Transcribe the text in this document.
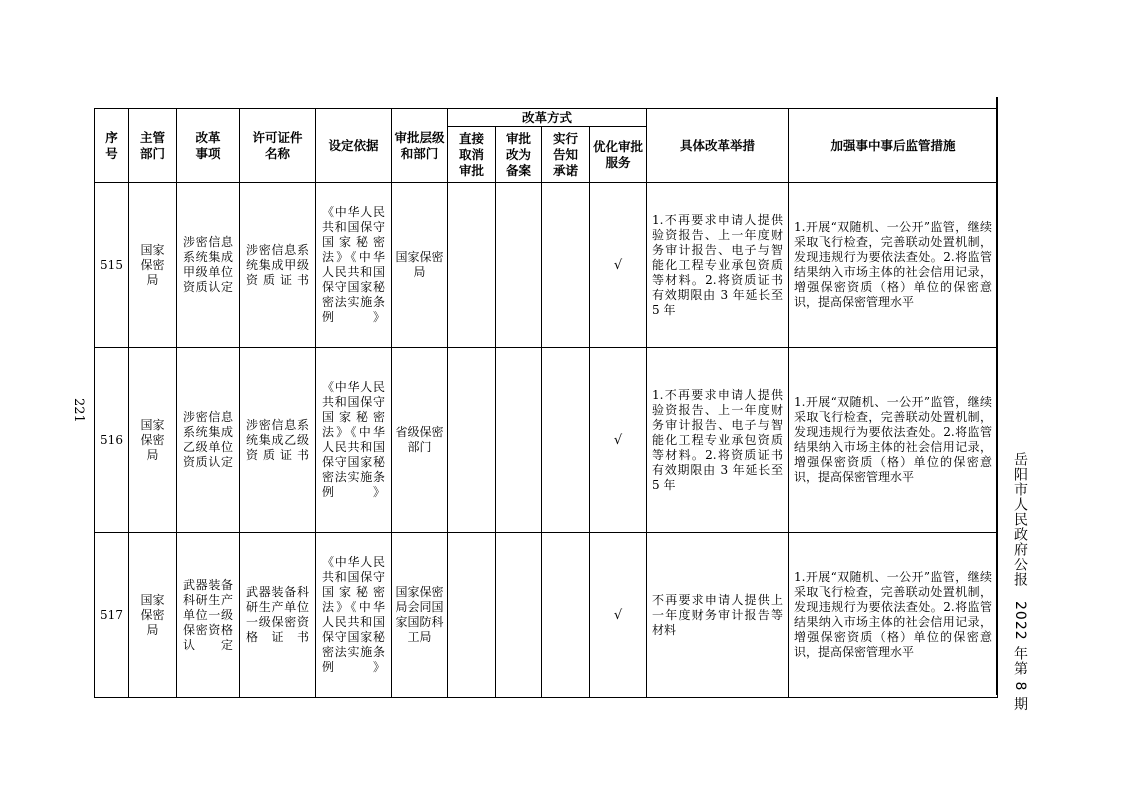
221
岳阳市人民政府公报2022 年第 8 期
序号	主管部门	改革事项	许可证件名称	设定依据	审批层级和部门	改革方式				具体改革举措	加强事中事后监管措施
						直接取消审批	审批改为备案	实行告知承诺	优化审批服务		
515	国家保密局	涉密信息系统集成甲级单位资质认定	涉密信息系统集成甲级资质证书	《中华人民共和国保守国家秘密法》《中华人民共和国保守国家秘密法实施条例》	国家保密局				√	1.不再要求申请人提供验资报告、上一年度财务审计报告、电子与智能化工程专业承包资质等材料。2.将资质证书有效期限由 3 年延长至 5 年	1.开展“双随机、一公开”监管，继续采取飞行检查，完善联动处置机制，发现违规行为要依法查处。2.将监管结果纳入市场主体的社会信用记录，增强保密资质（格）单位的保密意识，提高保密管理水平
516	国家保密局	涉密信息系统集成乙级单位资质认定	涉密信息系统集成乙级资质证书	《中华人民共和国保守国家秘密法》《中华人民共和国保守国家秘密法实施条例》	省级保密部门				√	1.不再要求申请人提供验资报告、上一年度财务审计报告、电子与智能化工程专业承包资质等材料。2.将资质证书有效期限由 3 年延长至 5 年	1.开展“双随机、一公开”监管，继续采取飞行检查，完善联动处置机制，发现违规行为要依法查处。2.将监管结果纳入市场主体的社会信用记录，增强保密资质（格）单位的保密意识，提高保密管理水平
517	国家保密局	武器装备科研生产单位一级保密资格认定	武器装备科研生产单位一级保密资格证书	《中华人民共和国保守国家秘密法》《中华人民共和国保守国家秘密法实施条例》	国家保密局会同国家国防科工局				√	不再要求申请人提供上一年度财务审计报告等材料	1.开展“双随机、一公开”监管，继续采取飞行检查，完善联动处置机制，发现违规行为要依法查处。2.将监管结果纳入市场主体的社会信用记录，增强保密资质（格）单位的保密意识，提高保密管理水平
